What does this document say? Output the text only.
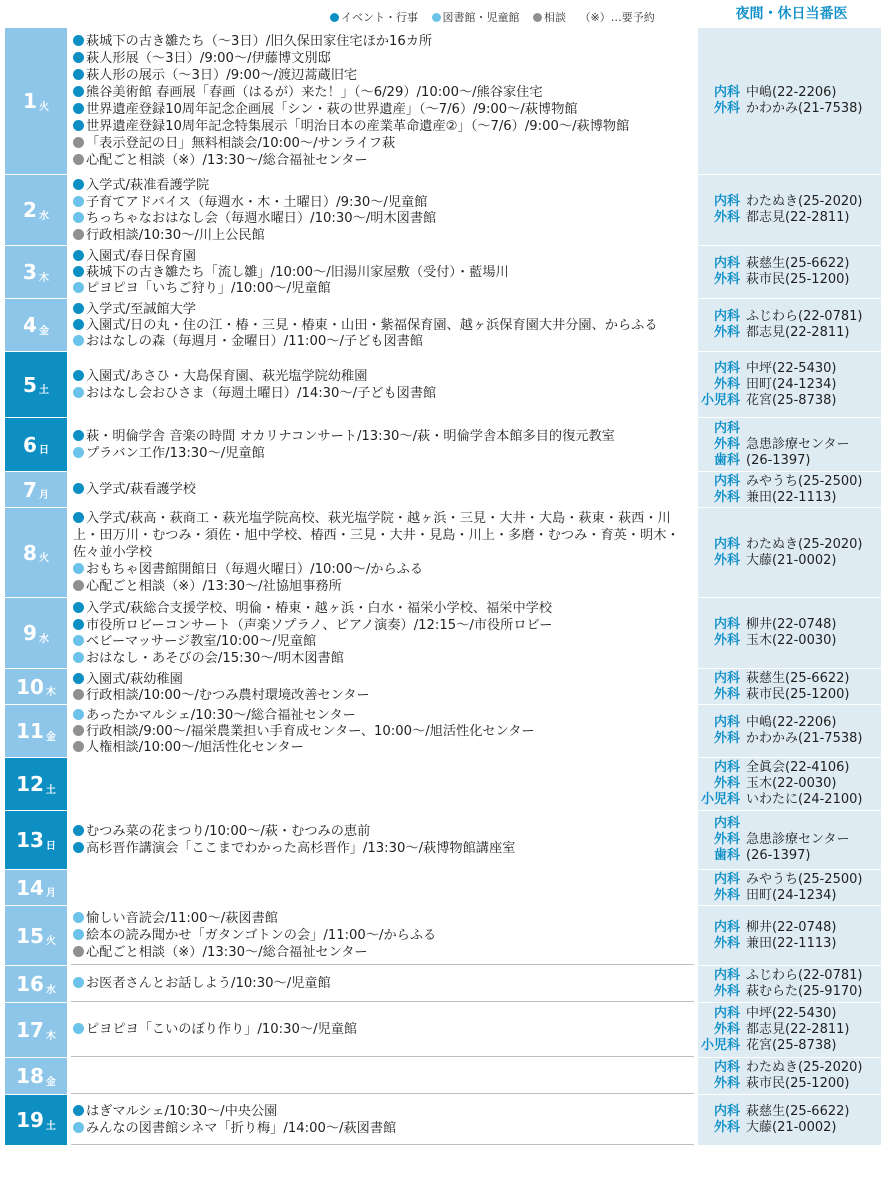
イベント・行事 図書館・児童館 相談 （※）…要予約	夜間・休日当番医
1 火
萩城下の古き雛たち（〜3日）/旧久保田家住宅ほか16カ所
萩人形展（〜3日）/9:00〜/伊藤博文別邸
萩人形の展示（〜3日）/9:00〜/渡辺蒿蔵旧宅
熊谷美術館 春画展「春画（はるが）来た！」（〜6/29）/10:00〜/熊谷家住宅
世界遺産登録10周年記念企画展「シン・萩の世界遺産」（〜7/6）/9:00〜/萩博物館
世界遺産登録10周年記念特集展示「明治日本の産業革命遺産②」（〜7/6）/9:00〜/萩博物館
「表示登記の日」無料相談会/10:00〜/サンライフ萩
心配ごと相談（※）/13:30〜/総合福祉センター
内科 中嶋(22-2206)
外科 かわかみ(21-7538)
2 水
入学式/萩准看護学院
子育てアドバイス（毎週水・木・土曜日）/9:30〜/児童館
ちっちゃなおはなし会（毎週水曜日）/10:30〜/明木図書館
行政相談/10:30〜/川上公民館
内科 わたぬき(25-2020)
外科 都志見(22-2811)
3 木
入園式/春日保育園
萩城下の古き雛たち「流し雛」/10:00〜/旧湯川家屋敷（受付）・藍場川
ピヨピヨ「いちご狩り」/10:00〜/児童館
内科 萩慈生(25-6622)
外科 萩市民(25-1200)
4 金
入学式/至誠館大学
入園式/日の丸・住の江・椿・三見・椿東・山田・紫福保育園、越ヶ浜保育園大井分園、からふる
おはなしの森（毎週月・金曜日）/11:00〜/子ども図書館
内科 ふじわら(22-0781)
外科 都志見(22-2811)
5 土
入園式/あさひ・大島保育園、萩光塩学院幼稚園
おはなし会おひさま（毎週土曜日）/14:30〜/子ども図書館
内科 中坪(22-5430)
外科 田町(24-1234)
小児科 花宮(25-8738)
6 日
萩・明倫学舎 音楽の時間 オカリナコンサート/13:30〜/萩・明倫学舎本館多目的復元教室
プラバン工作/13:30〜/児童館
内科
外科 急患診療センター
歯科 (26-1397)
7 月	入学式/萩看護学校
内科 みやうち(25-2500)
外科 兼田(22-1113)
8 火
入学式/萩高・萩商工・萩光塩学院高校、萩光塩学院・越ヶ浜・三見・大井・大島・萩東・萩西・川上・田万川・むつみ・須佐・旭中学校、椿西・三見・大井・見島・川上・多磨・むつみ・育英・明木・佐々並小学校
おもちゃ図書館開館日（毎週火曜日）/10:00〜/からふる
心配ごと相談（※）/13:30〜/社協旭事務所
内科 わたぬき(25-2020)
外科 大藤(21-0002)
9 水
入学式/萩総合支援学校、明倫・椿東・越ヶ浜・白水・福栄小学校、福栄中学校
市役所ロビーコンサート（声楽ソプラノ、ピアノ演奏）/12:15〜/市役所ロビー
ベビーマッサージ教室/10:00〜/児童館
おはなし・あそびの会/15:30〜/明木図書館
内科 柳井(22-0748)
外科 玉木(22-0030)
10 木
入園式/萩幼稚園
行政相談/10:00〜/むつみ農村環境改善センター
内科 萩慈生(25-6622)
外科 萩市民(25-1200)
11 金
あったかマルシェ/10:30〜/総合福祉センター
行政相談/9:00〜/福栄農業担い手育成センター、10:00〜/旭活性化センター
人権相談/10:00〜/旭活性化センター
内科 中嶋(22-2206)
外科 かわかみ(21-7538)
12 土
内科 全眞会(22-4106)
外科 玉木(22-0030)
小児科 いわたに(24-2100)
13 日
むつみ菜の花まつり/10:00〜/萩・むつみの恵前
高杉晋作講演会「ここまでわかった高杉晋作」/13:30〜/萩博物館講座室
内科
外科 急患診療センター
歯科 (26-1397)
14 月
内科 みやうち(25-2500)
外科 田町(24-1234)
15 火
愉しい音読会/11:00〜/萩図書館
絵本の読み聞かせ「ガタンゴトンの会」/11:00〜/からふる
心配ごと相談（※）/13:30〜/総合福祉センター
内科 柳井(22-0748)
外科 兼田(22-1113)
16 水	お医者さんとお話しよう/10:30〜/児童館
内科 ふじわら(22-0781)
外科 萩むらた(25-9170)
17 木	ピヨピヨ「こいのぼり作り」/10:30〜/児童館
内科 中坪(22-5430)
外科 都志見(22-2811)
小児科 花宮(25-8738)
18 金
内科 わたぬき(25-2020)
外科 萩市民(25-1200)
19 土
はぎマルシェ/10:30〜/中央公園
みんなの図書館シネマ「折り梅」/14:00〜/萩図書館
内科 萩慈生(25-6622)
外科 大藤(21-0002)
